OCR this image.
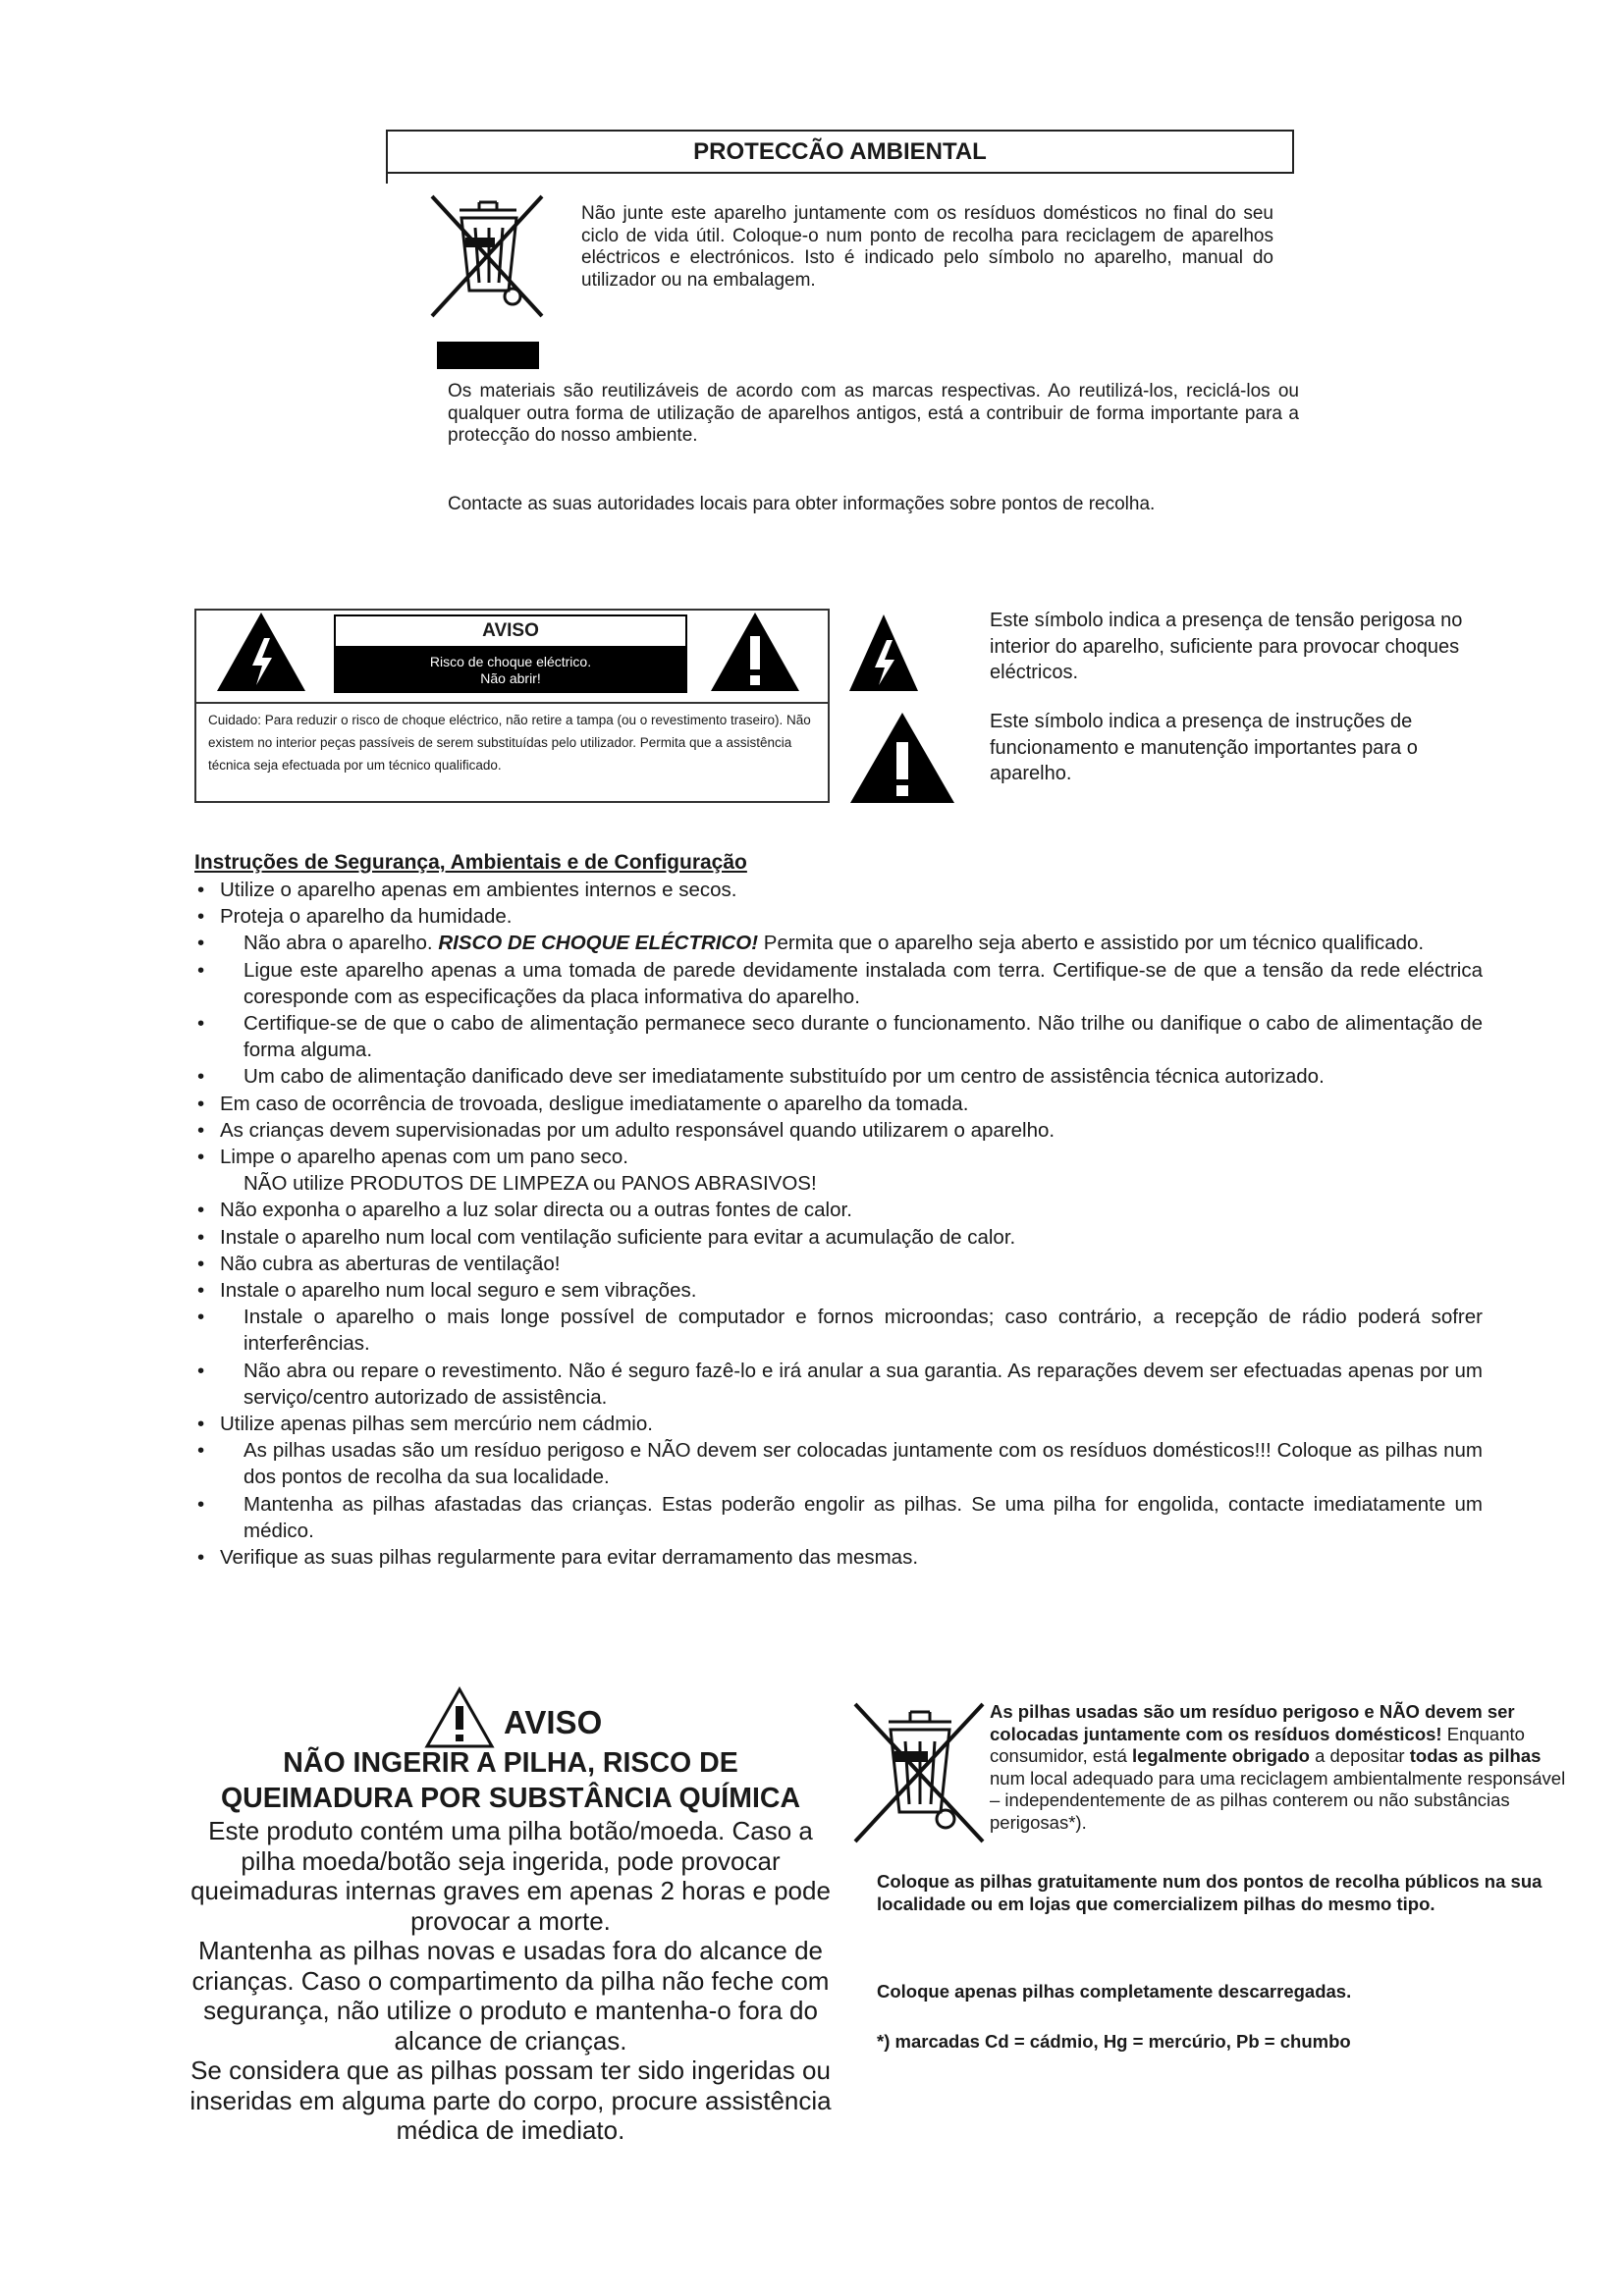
PROTECCÃO AMBIENTAL
Não junte este aparelho juntamente com os resíduos domésticos no final do seu ciclo de vida útil. Coloque-o num ponto de recolha para reciclagem de aparelhos eléctricos e electrónicos. Isto é indicado pelo símbolo no aparelho, manual do utilizador ou na embalagem.
Os materiais são reutilizáveis de acordo com as marcas respectivas. Ao reutilizá-los, reciclá-los ou qualquer outra forma de utilização de aparelhos antigos, está a contribuir de forma importante para a protecção do nosso ambiente.
Contacte as suas autoridades locais para obter informações sobre pontos de recolha.
AVISO
Risco de choque eléctrico.
Não abrir!
Cuidado: Para reduzir o risco de choque eléctrico, não retire a tampa (ou o revestimento traseiro). Não existem no interior peças passíveis de serem substituídas pelo utilizador. Permita que a assistência técnica seja efectuada por um técnico qualificado.
Este símbolo indica a presença de tensão perigosa no interior do aparelho, suficiente para provocar choques eléctricos.
Este símbolo indica a presença de instruções de funcionamento e manutenção importantes para o aparelho.
Instruções de Segurança, Ambientais e de Configuração
• Utilize o aparelho apenas em ambientes internos e secos.
• Proteja o aparelho da humidade.
• Não abra o aparelho. RISCO DE CHOQUE ELÉCTRICO! Permita que o aparelho seja aberto e assistido por um técnico qualificado.
• Ligue este aparelho apenas a uma tomada de parede devidamente instalada com terra. Certifique-se de que a tensão da rede eléctrica coresponde com as especificações da placa informativa do aparelho.
• Certifique-se de que o cabo de alimentação permanece seco durante o funcionamento. Não trilhe ou danifique o cabo de alimentação de forma alguma.
• Um cabo de alimentação danificado deve ser imediatamente substituído por um centro de assistência técnica autorizado.
• Em caso de ocorrência de trovoada, desligue imediatamente o aparelho da tomada.
• As crianças devem supervisionadas por um adulto responsável quando utilizarem o aparelho.
• Limpe o aparelho apenas com um pano seco.
NÃO utilize PRODUTOS DE LIMPEZA ou PANOS ABRASIVOS!
• Não exponha o aparelho a luz solar directa ou a outras fontes de calor.
• Instale o aparelho num local com ventilação suficiente para evitar a acumulação de calor.
• Não cubra as aberturas de ventilação!
• Instale o aparelho num local seguro e sem vibrações.
• Instale o aparelho o mais longe possível de computador e fornos microondas; caso contrário, a recepção de rádio poderá sofrer interferências.
• Não abra ou repare o revestimento. Não é seguro fazê-lo e irá anular a sua garantia. As reparações devem ser efectuadas apenas por um serviço/centro autorizado de assistência.
• Utilize apenas pilhas sem mercúrio nem cádmio.
• As pilhas usadas são um resíduo perigoso e NÃO devem ser colocadas juntamente com os resíduos domésticos!!! Coloque as pilhas num dos pontos de recolha da sua localidade.
• Mantenha as pilhas afastadas das crianças. Estas poderão engolir as pilhas. Se uma pilha for engolida, contacte imediatamente um médico.
• Verifique as suas pilhas regularmente para evitar derramamento das mesmas.
AVISO
NÃO INGERIR A PILHA, RISCO DE
QUEIMADURA POR SUBSTÂNCIA QUÍMICA
Este produto contém uma pilha botão/moeda. Caso a pilha moeda/botão seja ingerida, pode provocar queimaduras internas graves em apenas 2 horas e pode provocar a morte.
Mantenha as pilhas novas e usadas fora do alcance de crianças. Caso o compartimento da pilha não feche com segurança, não utilize o produto e mantenha-o fora do alcance de crianças.
Se considera que as pilhas possam ter sido ingeridas ou inseridas em alguma parte do corpo, procure assistência médica de imediato.
As pilhas usadas são um resíduo perigoso e NÃO devem ser colocadas juntamente com os resíduos domésticos! Enquanto consumidor, está legalmente obrigado a depositar todas as pilhas num local adequado para uma reciclagem ambientalmente responsável – independentemente de as pilhas conterem ou não substâncias perigosas*).
Coloque as pilhas gratuitamente num dos pontos de recolha públicos na sua localidade ou em lojas que comercializem pilhas do mesmo tipo.
Coloque apenas pilhas completamente descarregadas.
*) marcadas Cd = cádmio, Hg = mercúrio, Pb = chumbo
